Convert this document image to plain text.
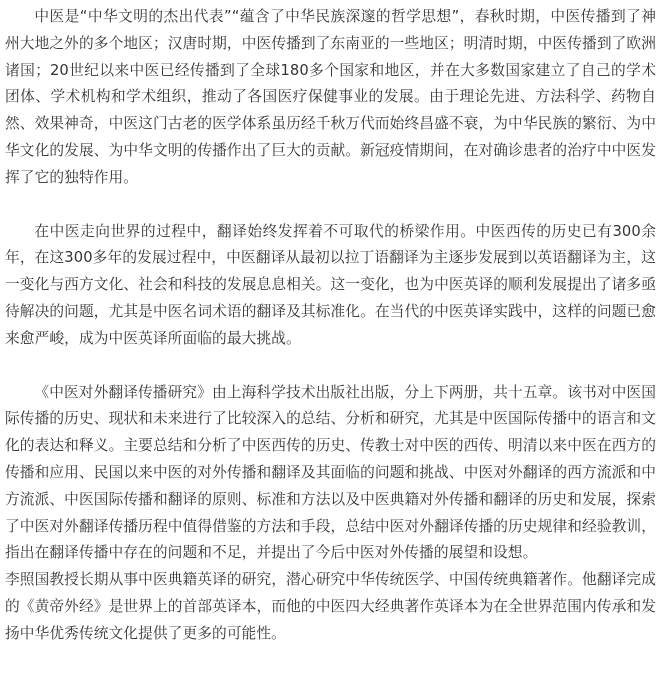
中医是“中华文明的杰出代表”“蕴含了中华民族深邃的哲学思想”，春秋时期，中医传播到了神州大地之外的多个地区；汉唐时期，中医传播到了东南亚的一些地区；明清时期，中医传播到了欧洲诸国；20世纪以来中医已经传播到了全球180多个国家和地区，并在大多数国家建立了自己的学术团体、学术机构和学术组织，推动了各国医疗保健事业的发展。由于理论先进、方法科学、药物自然、效果神奇，中医这门古老的医学体系虽历经千秋万代而始终昌盛不衰，为中华民族的繁衍、为中华文化的发展、为中华文明的传播作出了巨大的贡献。新冠疫情期间，在对确诊患者的治疗中中医发挥了它的独特作用。

在中医走向世界的过程中，翻译始终发挥着不可取代的桥梁作用。中医西传的历史已有300余年，在这300多年的发展过程中，中医翻译从最初以拉丁语翻译为主逐步发展到以英语翻译为主，这一变化与西方文化、社会和科技的发展息息相关。这一变化，也为中医英译的顺利发展提出了诸多亟待解决的问题，尤其是中医名词术语的翻译及其标准化。在当代的中医英译实践中，这样的问题已愈来愈严峻，成为中医英译所面临的最大挑战。

《中医对外翻译传播研究》由上海科学技术出版社出版，分上下两册，共十五章。该书对中医国际传播的历史、现状和未来进行了比较深入的总结、分析和研究，尤其是中医国际传播中的语言和文化的表达和释义。主要总结和分析了中医西传的历史、传教士对中医的西传、明清以来中医在西方的传播和应用、民国以来中医的对外传播和翻译及其面临的问题和挑战、中医对外翻译的西方流派和中方流派、中医国际传播和翻译的原则、标准和方法以及中医典籍对外传播和翻译的历史和发展，探索了中医对外翻译传播历程中值得借鉴的方法和手段，总结中医对外翻译传播的历史规律和经验教训，指出在翻译传播中存在的问题和不足，并提出了今后中医对外传播的展望和设想。

李照国教授长期从事中医典籍英译的研究，潜心研究中华传统医学、中国传统典籍著作。他翻译完成的《黄帝外经》是世界上的首部英译本，而他的中医四大经典著作英译本为在全世界范围内传承和发扬中华优秀传统文化提供了更多的可能性。
